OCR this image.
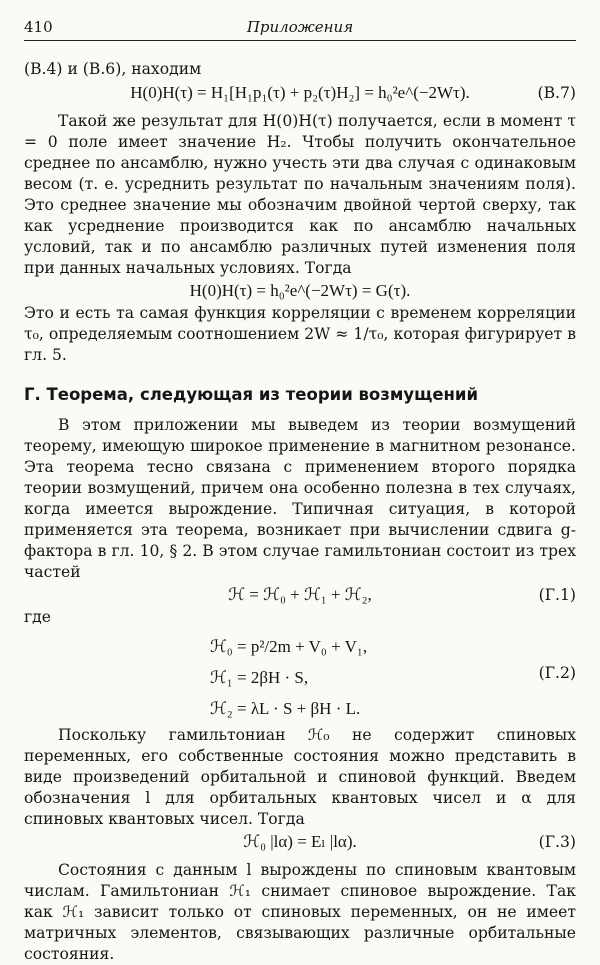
410	Приложения
(В.4) и (В.6), находим
H(0)H(τ) = H₁[H₁p₁(τ) + p₂(τ)H₂] = h₀²e^(−2Wτ).	(В.7)

Такой же результат для H(0)H(τ) получается, если в момент τ = 0 поле имеет значение H₂. Чтобы получить окончательное среднее по ансамблю, нужно учесть эти два случая с одинаковым весом (т. е. усреднить результат по начальным значениям поля). Это среднее значение мы обозначим двойной чертой сверху, так как усреднение производится как по ансамблю начальных условий, так и по ансамблю различных путей изменения поля при данных начальных условиях. Тогда

H(0)H(τ) = h₀²e^(−2Wτ) = G(τ).

Это и есть та самая функция корреляции с временем корреляции τ₀, определяемым соотношением 2W ≈ 1/τ₀, которая фигурирует в гл. 5.

Г. Теорема, следующая из теории возмущений

В этом приложении мы выведем из теории возмущений теорему, имеющую широкое применение в магнитном резонансе. Эта теорема тесно связана с применением второго порядка теории возмущений, причем она особенно полезна в тех случаях, когда имеется вырождение. Типичная ситуация, в которой применяется эта теорема, возникает при вычислении сдвига g-фактора в гл. 10, § 2. В этом случае гамильтониан состоит из трех частей

ℋ = ℋ₀ + ℋ₁ + ℋ₂,	(Г.1)
где
ℋ₀ = p²/2m + V₀ + V₁,
ℋ₁ = 2βH · S,
ℋ₂ = λL · S + βH · L.
(Г.2)

Поскольку гамильтониан ℋ₀ не содержит спиновых переменных, его собственные состояния можно представить в виде произведений орбитальной и спиновой функций. Введем обозначения l для орбитальных квантовых чисел и α для спиновых квантовых чисел. Тогда

ℋ₀ |lα) = Eₗ |lα).	(Г.3)

Состояния с данным l вырождены по спиновым квантовым числам. Гамильтониан ℋ₁ снимает спиновое вырождение. Так как ℋ₁ зависит только от спиновых переменных, он не имеет матричных элементов, связывающих различные орбитальные состояния.
